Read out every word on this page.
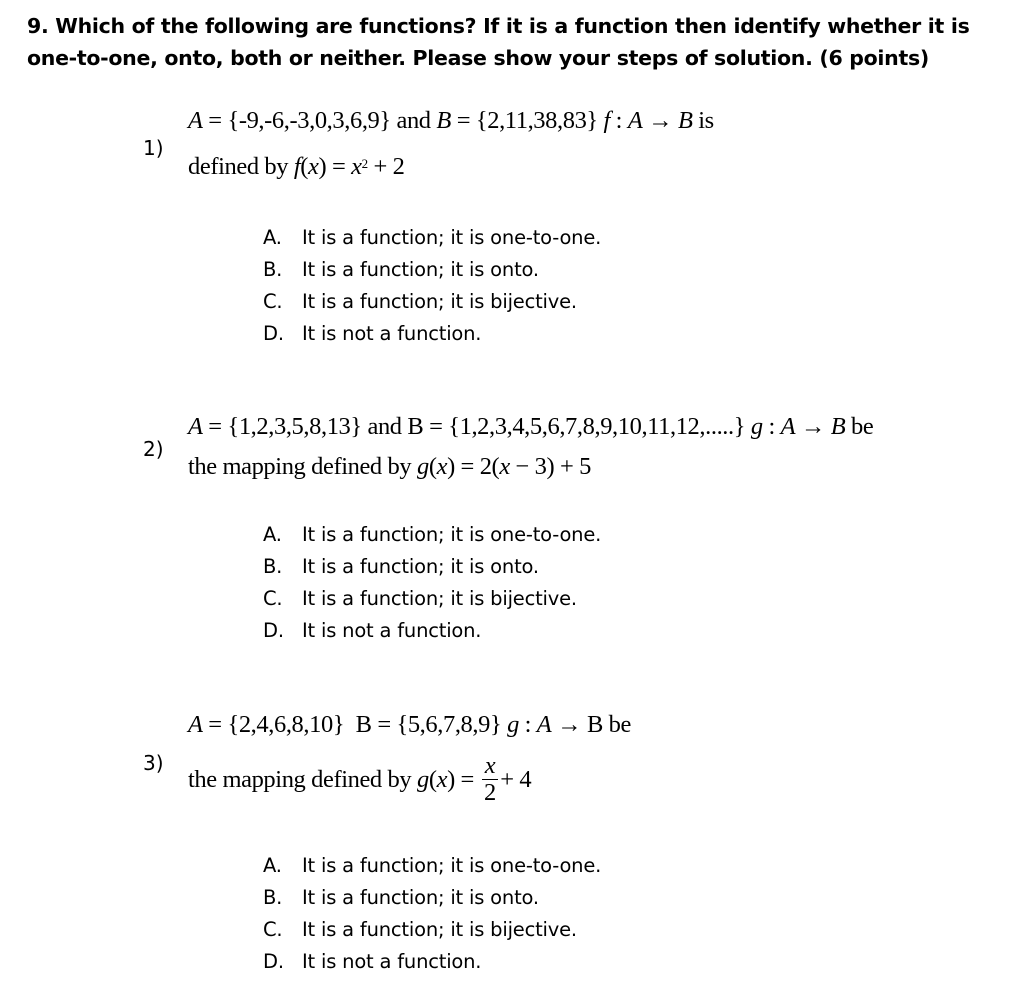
9. Which of the following are functions? If it is a function then identify whether it is
one-to-one, onto, both or neither. Please show your steps of solution. (6 points)
1)
A = {-9,-6,-3,0,3,6,9} and B = {2,11,38,83} f : A → B is
defined by $f(x) = x^2 + 2$
A.	It is a function; it is one-to-one.
B.	It is a function; it is onto.
C.	It is a function; it is bijective.
D. It is not a function.
2)
A = {1,2,3,5,8,13} and B = {1,2,3,4,5,6,7,8,9,10,11,12,.....} g : A → B be
the mapping defined by g(x) = 2(x − 3) + 5
A.	It is a function; it is one-to-one.
B.	It is a function; it is onto.
C.	It is a function; it is bijective.
D. It is not a function.
3)
A = {2,4,6,8,10} B = {5,6,7,8,9} g : A → B be
the mapping defined by $g(x) = \frac{x}{2} + 4$
A.	It is a function; it is one-to-one.
B.	It is a function; it is onto.
C.	It is a function; it is bijective.
D. It is not a function.
